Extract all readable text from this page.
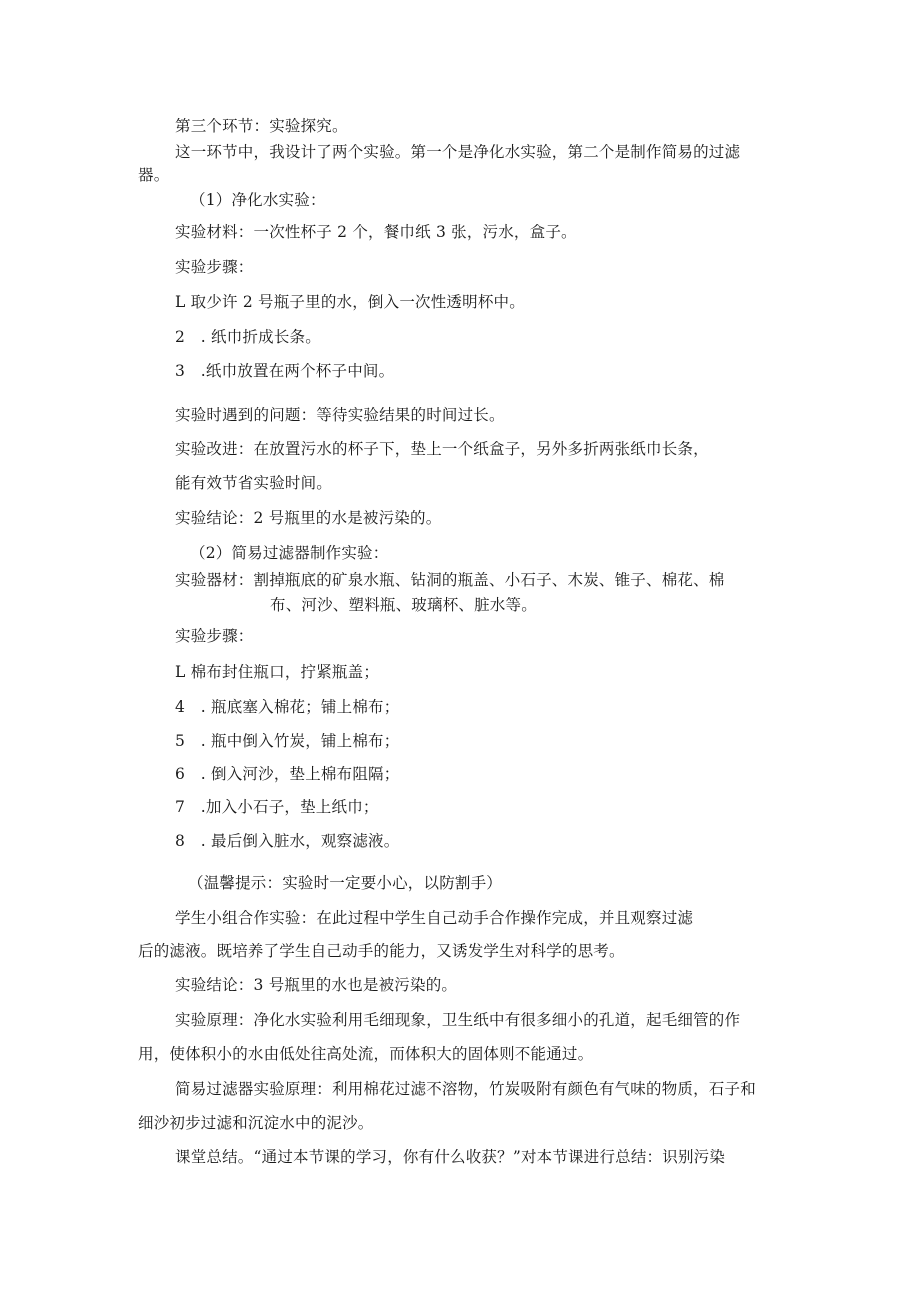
第三个环节：实验探究。
这一环节中，我设计了两个实验。第一个是净化水实验，第二个是制作简易的过滤
器。
（1）净化水实验：
实验材料：一次性杯子 2 个，餐巾纸 3 张，污水，盒子。
实验步骤：
L 取少许 2 号瓶子里的水，倒入一次性透明杯中。
2　. 纸巾折成长条。
3　.纸巾放置在两个杯子中间。
实验时遇到的问题：等待实验结果的时间过长。
实验改进：在放置污水的杯子下，垫上一个纸盒子，另外多折两张纸巾长条，
能有效节省实验时间。
实验结论：2 号瓶里的水是被污染的。
（2）简易过滤器制作实验：
实验器材：割掉瓶底的矿泉水瓶、钻洞的瓶盖、小石子、木炭、锥子、棉花、棉
布、河沙、塑料瓶、玻璃杯、脏水等。
实验步骤：
L 棉布封住瓶口，拧紧瓶盖；
4　. 瓶底塞入棉花；铺上棉布；
5　. 瓶中倒入竹炭，铺上棉布；
6　. 倒入河沙，垫上棉布阻隔；
7　.加入小石子，垫上纸巾；
8　. 最后倒入脏水，观察滤液。
（温馨提示：实验时一定要小心，以防割手）
学生小组合作实验：在此过程中学生自己动手合作操作完成，并且观察过滤
后的滤液。既培养了学生自己动手的能力，又诱发学生对科学的思考。
实验结论：3 号瓶里的水也是被污染的。
实验原理：净化水实验利用毛细现象，卫生纸中有很多细小的孔道，起毛细管的作
用，使体积小的水由低处往高处流，而体积大的固体则不能通过。
简易过滤器实验原理：利用棉花过滤不溶物，竹炭吸附有颜色有气味的物质，石子和
细沙初步过滤和沉淀水中的泥沙。
课堂总结。“通过本节课的学习，你有什么收获？”对本节课进行总结：识别污染
